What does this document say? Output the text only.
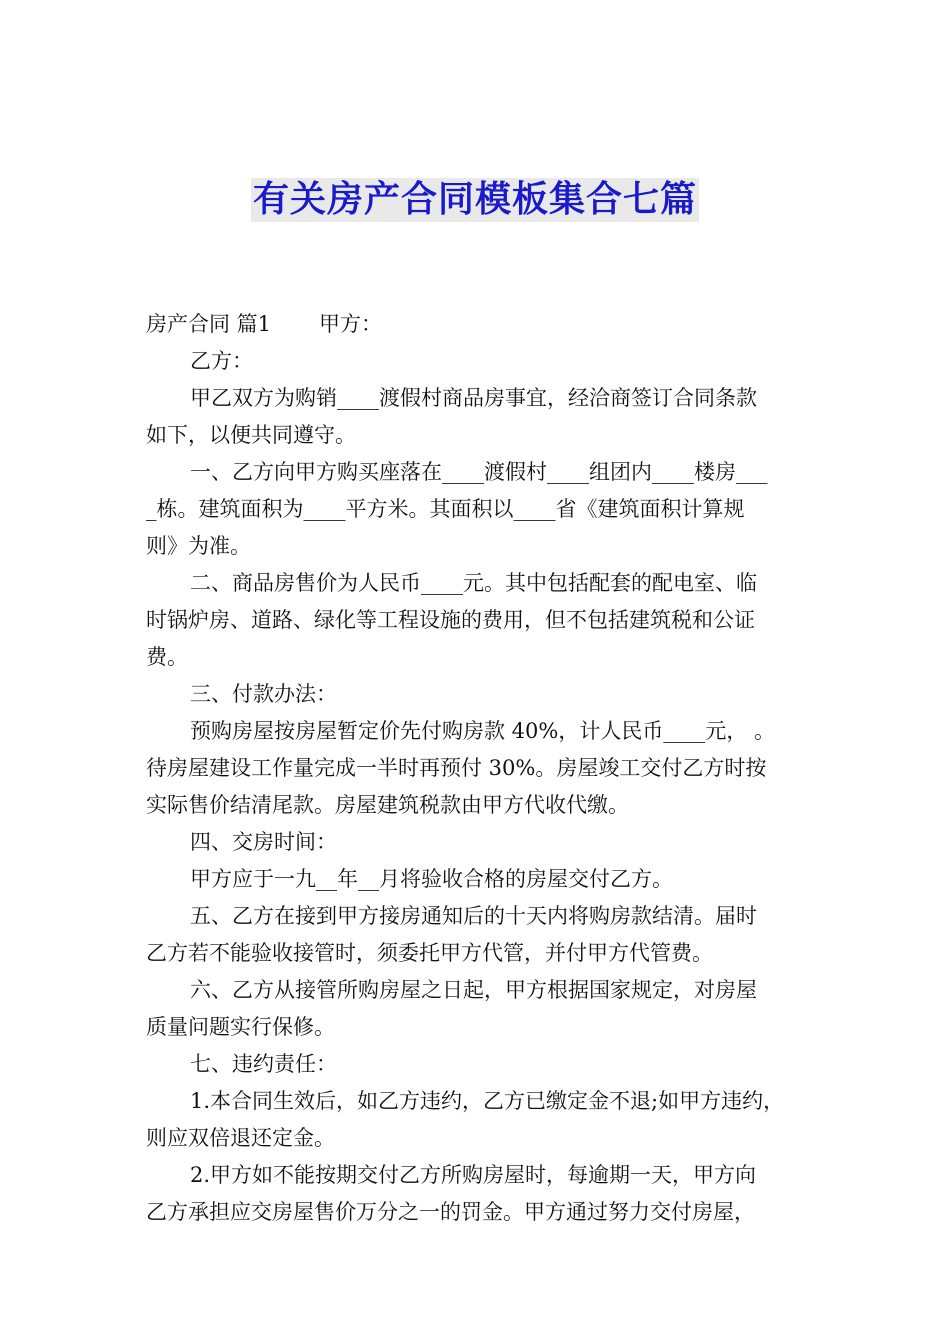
有关房产合同模板集合七篇
房产合同 篇1 甲方：
乙方：
甲乙双方为购销____渡假村商品房事宜，经洽商签订合同条款
如下，以便共同遵守。
一、乙方向甲方购买座落在____渡假村____组团内____楼房___
_栋。建筑面积为____平方米。其面积以____省《建筑面积计算规
则》为准。
二、商品房售价为人民币____元。其中包括配套的配电室、临
时锅炉房、道路、绿化等工程设施的费用，但不包括建筑税和公证
费。
三、付款办法：
预购房屋按房屋暂定价先付购房款 40%，计人民币____元， 。
待房屋建设工作量完成一半时再预付 30%。房屋竣工交付乙方时按
实际售价结清尾款。房屋建筑税款由甲方代收代缴。
四、交房时间：
甲方应于一九__年__月将验收合格的房屋交付乙方。
五、乙方在接到甲方接房通知后的十天内将购房款结清。届时
乙方若不能验收接管时，须委托甲方代管，并付甲方代管费。
六、乙方从接管所购房屋之日起，甲方根据国家规定，对房屋
质量问题实行保修。
七、违约责任：
1.本合同生效后，如乙方违约，乙方已缴定金不退;如甲方违约，
则应双倍退还定金。
2.甲方如不能按期交付乙方所购房屋时，每逾期一天，甲方向
乙方承担应交房屋售价万分之一的罚金。甲方通过努力交付房屋，
